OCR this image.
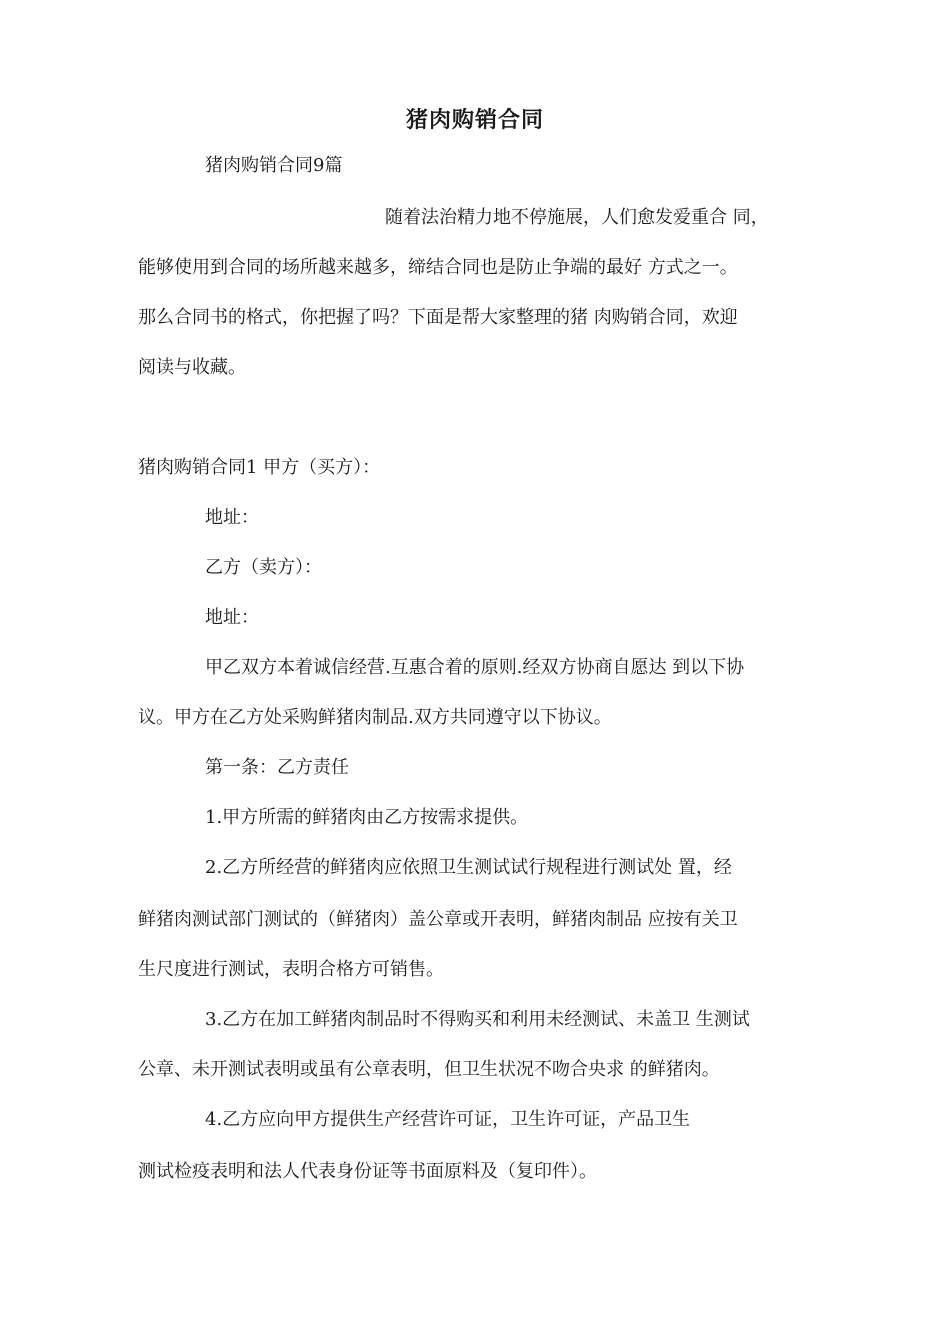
猪肉购销合同
猪肉购销合同9篇
随着法治精力地不停施展，人们愈发爱重合 同，
能够使用到合同的场所越来越多，缔结合同也是防止争端的最好 方式之一。
那么合同书的格式，你把握了吗？下面是帮大家整理的猪 肉购销合同，欢迎
阅读与收藏。
猪肉购销合同1 甲方（买方）：
地址：
乙方（卖方）：
地址：
甲乙双方本着诚信经营.互惠合着的原则.经双方协商自愿达 到以下协
议。甲方在乙方处采购鲜猪肉制品.双方共同遵守以下协议。
第一条：乙方责任
1.甲方所需的鲜猪肉由乙方按需求提供。
2.乙方所经营的鲜猪肉应依照卫生测试试行规程进行测试处 置，经
鲜猪肉测试部门测试的（鲜猪肉）盖公章或开表明，鲜猪肉制品 应按有关卫
生尺度进行测试，表明合格方可销售。
3.乙方在加工鲜猪肉制品时不得购买和利用未经测试、未盖卫 生测试
公章、未开测试表明或虽有公章表明，但卫生状况不吻合央求 的鲜猪肉。
4.乙方应向甲方提供生产经营许可证，卫生许可证，产品卫生
测试检疫表明和法人代表身份证等书面原料及（复印件）。
